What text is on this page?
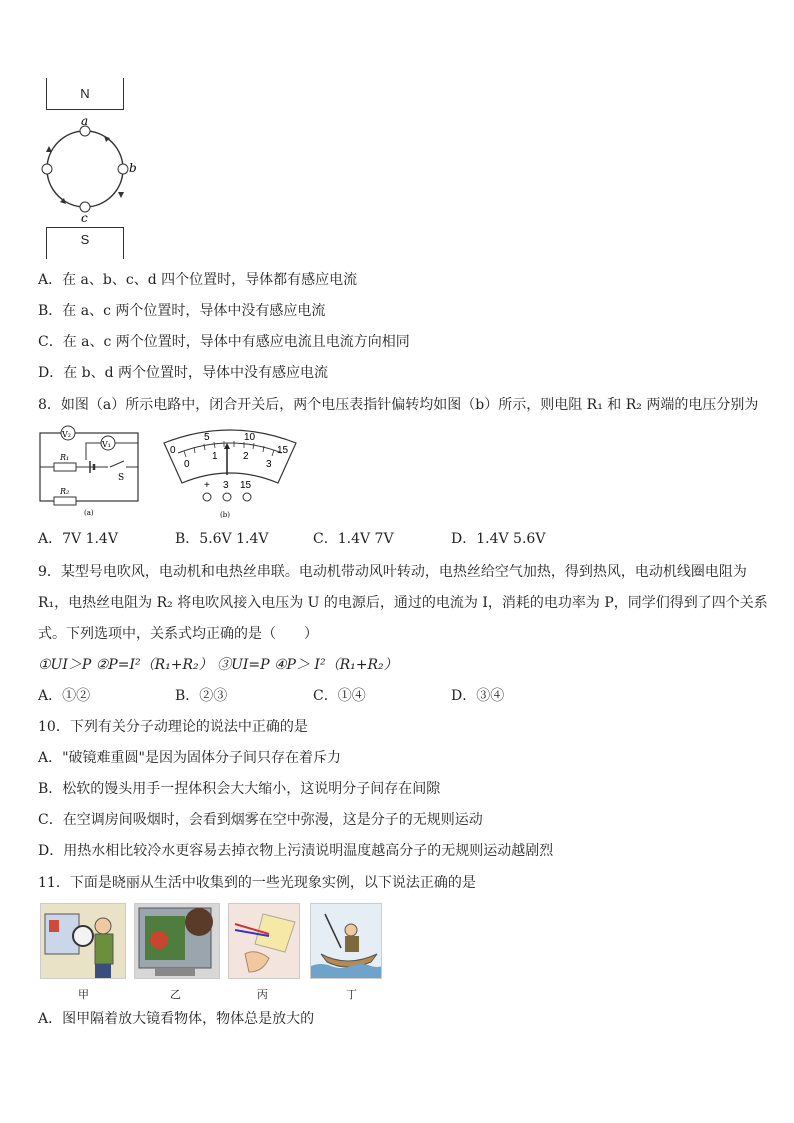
N
S
a
b
c
A．在 a、b、c、d 四个位置时，导体都有感应电流
B．在 a、c 两个位置时，导体中没有感应电流
C．在 a、c 两个位置时，导体中有感应电流且电流方向相同
D．在 b、d 两个位置时，导体中没有感应电流
8．如图（a）所示电路中，闭合开关后，两个电压表指针偏转均如图（b）所示，则电阻 R₁ 和 R₂ 两端的电压分别为
V₂
V₁
R₁
S
R₂
(a)
0
5	10
15
0
1	2
3
+ 3 15
(b)
A．7V 1.4V	B．5.6V 1.4V	C．1.4V 7V	D．1.4V 5.6V
9．某型号电吹风，电动机和电热丝串联。电动机带动风叶转动，电热丝给空气加热，得到热风，电动机线圈电阻为
R₁，电热丝电阻为 R₂ 将电吹风接入电压为 U 的电源后，通过的电流为 I，消耗的电功率为 P，同学们得到了四个关系
式。下列选项中，关系式均正确的是（　　）
①UI＞P ②P=I²（R₁+R₂） ③UI=P ④P＞ I²（R₁+R₂）
A．①②	B．②③	C．①④	D．③④
10．下列有关分子动理论的说法中正确的是
A．"破镜难重圆"是因为固体分子间只存在着斥力
B．松软的馒头用手一捏体积会大大缩小，这说明分子间存在间隙
C．在空调房间吸烟时，会看到烟雾在空中弥漫，这是分子的无规则运动
D．用热水相比较冷水更容易去掉衣物上污渍说明温度越高分子的无规则运动越剧烈
11．下面是晓丽从生活中收集到的一些光现象实例，以下说法正确的是
甲	乙	丙	丁
A．图甲隔着放大镜看物体，物体总是放大的
